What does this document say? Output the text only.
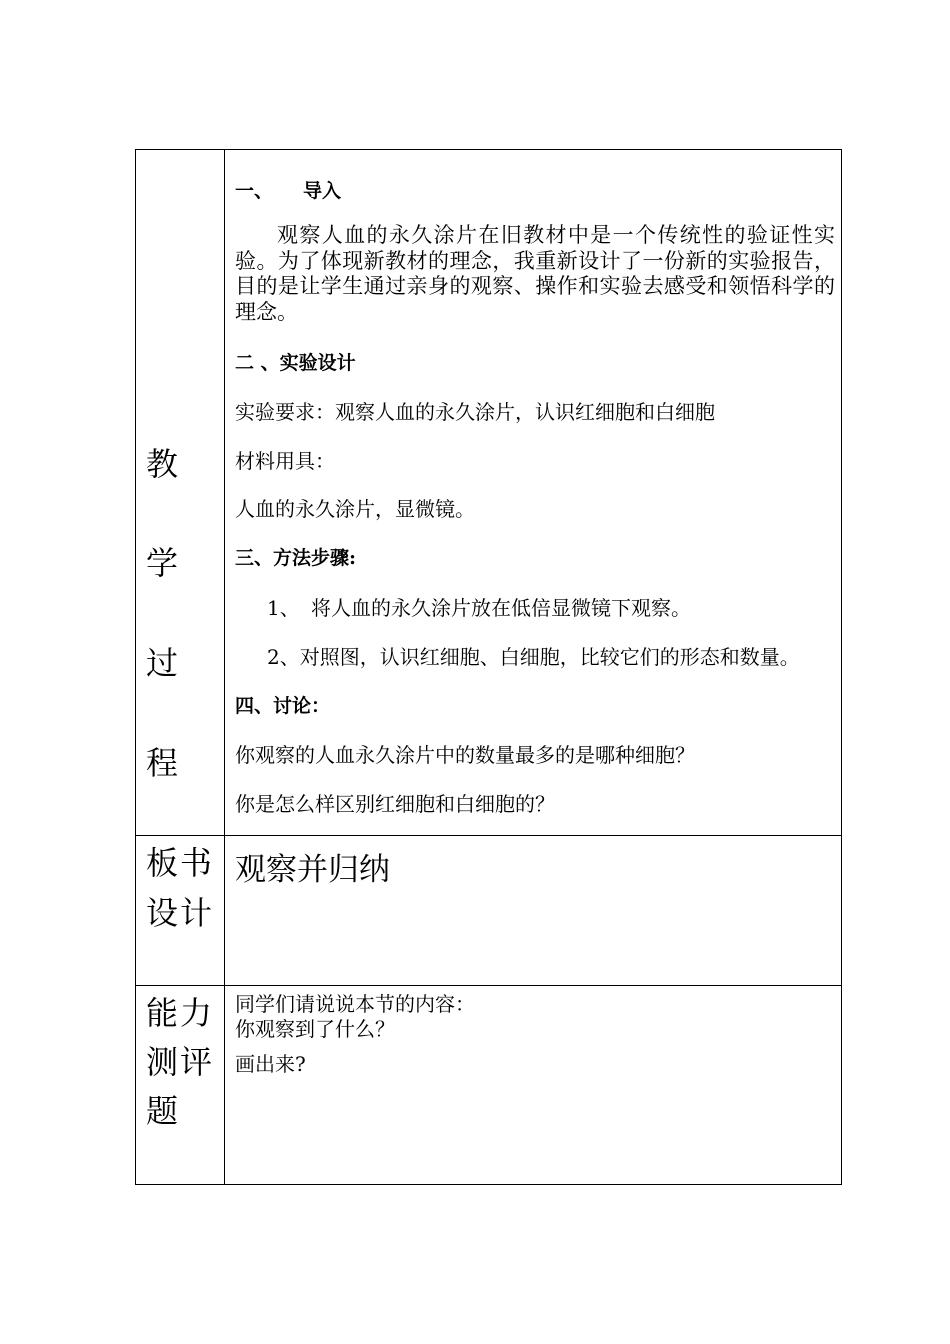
教
学
过
程
一、 导入
观察人血的永久涂片在旧教材中是一个传统性的验证性实验。为了体现新教材的理念，我重新设计了一份新的实验报告，目的是让学生通过亲身的观察、操作和实验去感受和领悟科学的理念。
二 、实验设计
实验要求：观察人血的永久涂片，认识红细胞和白细胞
材料用具：
人血的永久涂片，显微镜。
三、方法步骤:
1、 将人血的永久涂片放在低倍显微镜下观察。
2、对照图，认识红细胞、白细胞，比较它们的形态和数量。
四、讨论：
你观察的人血永久涂片中的数量最多的是哪种细胞？
你是怎么样区别红细胞和白细胞的？
板书
设计
观察并归纳
能力
测评
题
同学们请说说本节的内容：
你观察到了什么？
画出来?
